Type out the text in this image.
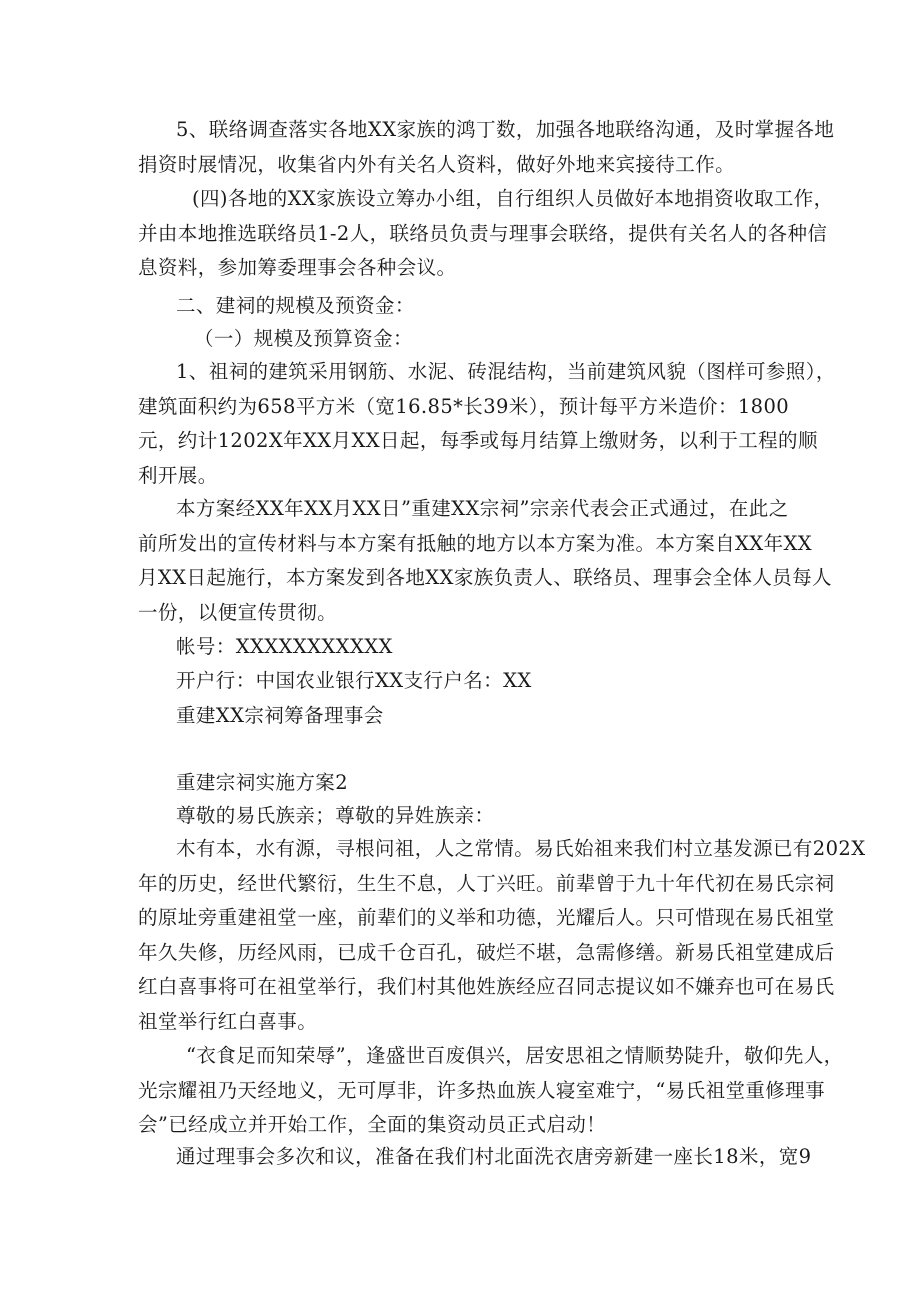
5、联络调查落实各地XX家族的鸿丁数，加强各地联络沟通，及时掌握各地
捐资时展情况，收集省内外有关名人资料，做好外地来宾接待工作。
(四)各地的XX家族设立筹办小组，自行组织人员做好本地捐资收取工作，
并由本地推选联络员1-2人，联络员负责与理事会联络，提供有关名人的各种信
息资料，参加筹委理事会各种会议。
二、建祠的规模及预资金：
（一）规模及预算资金：
1、祖祠的建筑采用钢筋、水泥、砖混结构，当前建筑风貌（图样可参照），
建筑面积约为658平方米（宽16.85*长39米），预计每平方米造价：1800
元，约计1202X年XX月XX日起，每季或每月结算上缴财务，以利于工程的顺
利开展。
本方案经XX年XX月XX日”重建XX宗祠”宗亲代表会正式通过，在此之
前所发出的宣传材料与本方案有抵触的地方以本方案为准。本方案自XX年XX
月XX日起施行，本方案发到各地XX家族负责人、联络员、理事会全体人员每人
一份，以便宣传贯彻。
帐号：XXXXXXXXXXX
开户行：中国农业银行XX支行户名：XX
重建XX宗祠筹备理事会
重建宗祠实施方案2
尊敬的易氏族亲；尊敬的异姓族亲：
木有本，水有源，寻根问祖，人之常情。易氏始祖来我们村立基发源已有202X
年的历史，经世代繁衍，生生不息，人丁兴旺。前辈曾于九十年代初在易氏宗祠
的原址旁重建祖堂一座，前辈们的义举和功德，光耀后人。只可惜现在易氏祖堂
年久失修，历经风雨，已成千仓百孔，破烂不堪，急需修缮。新易氏祖堂建成后
红白喜事将可在祖堂举行，我们村其他姓族经应召同志提议如不嫌弃也可在易氏
祖堂举行红白喜事。
“衣食足而知荣辱”，逢盛世百废俱兴，居安思祖之情顺势陡升，敬仰先人，
光宗耀祖乃天经地义，无可厚非，许多热血族人寝室难宁，“易氏祖堂重修理事
会”已经成立并开始工作，全面的集资动员正式启动！
通过理事会多次和议，准备在我们村北面洗衣唐旁新建一座长18米，宽9
